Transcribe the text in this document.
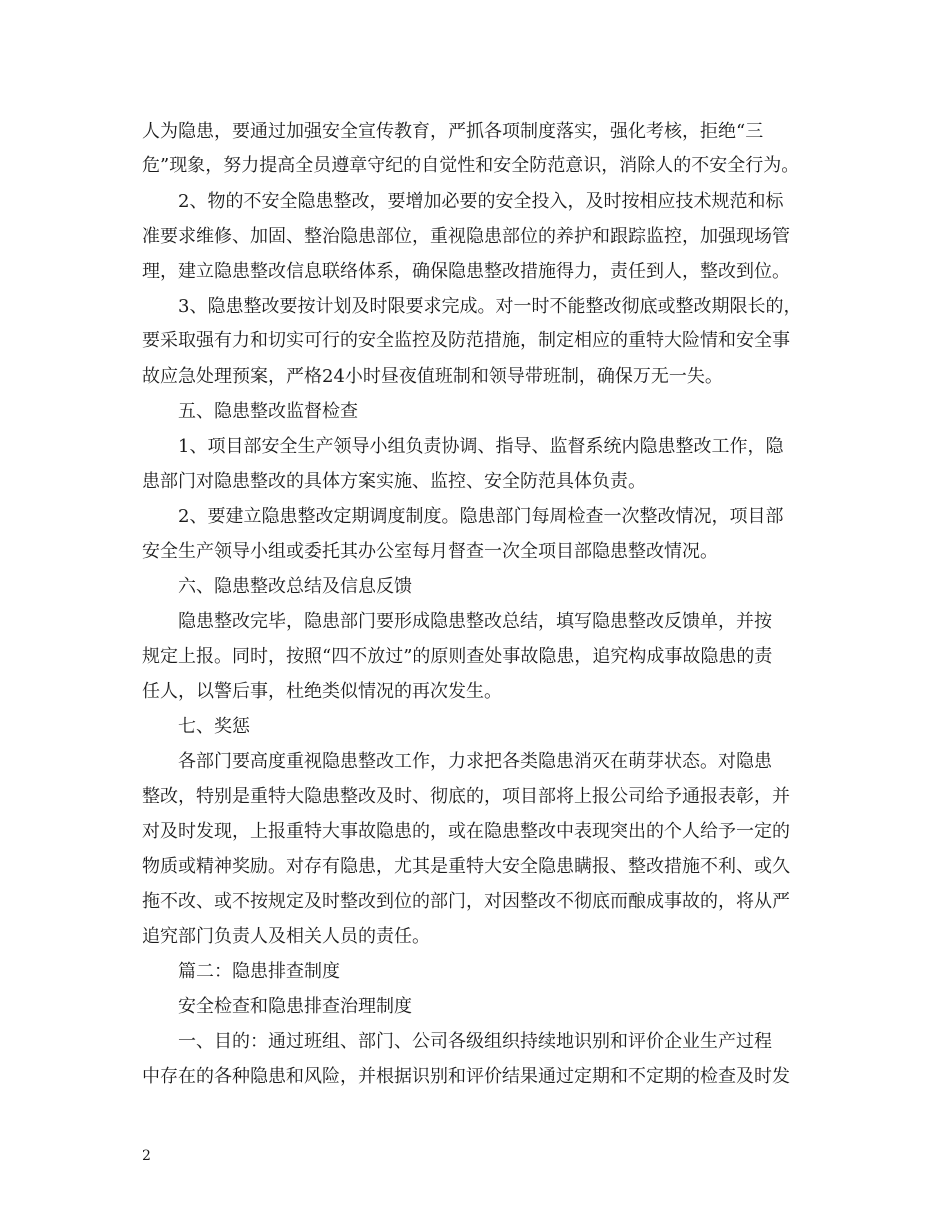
人为隐患，要通过加强安全宣传教育，严抓各项制度落实，强化考核，拒绝“三
危”现象，努力提高全员遵章守纪的自觉性和安全防范意识，消除人的不安全行为。
　　2、物的不安全隐患整改，要增加必要的安全投入，及时按相应技术规范和标
准要求维修、加固、整治隐患部位，重视隐患部位的养护和跟踪监控，加强现场管
理，建立隐患整改信息联络体系，确保隐患整改措施得力，责任到人，整改到位。
　　3、隐患整改要按计划及时限要求完成。对一时不能整改彻底或整改期限长的，
要采取强有力和切实可行的安全监控及防范措施，制定相应的重特大险情和安全事
故应急处理预案，严格24小时昼夜值班制和领导带班制，确保万无一失。
　　五、隐患整改监督检查
　　1、项目部安全生产领导小组负责协调、指导、监督系统内隐患整改工作，隐
患部门对隐患整改的具体方案实施、监控、安全防范具体负责。
　　2、要建立隐患整改定期调度制度。隐患部门每周检查一次整改情况，项目部
安全生产领导小组或委托其办公室每月督查一次全项目部隐患整改情况。
　　六、隐患整改总结及信息反馈
　　隐患整改完毕，隐患部门要形成隐患整改总结，填写隐患整改反馈单，并按
规定上报。同时，按照“四不放过”的原则查处事故隐患，追究构成事故隐患的责
任人，以警后事，杜绝类似情况的再次发生。
　　七、奖惩
　　各部门要高度重视隐患整改工作，力求把各类隐患消灭在萌芽状态。对隐患
整改，特别是重特大隐患整改及时、彻底的，项目部将上报公司给予通报表彰，并
对及时发现，上报重特大事故隐患的，或在隐患整改中表现突出的个人给予一定的
物质或精神奖励。对存有隐患，尤其是重特大安全隐患瞒报、整改措施不利、或久
拖不改、或不按规定及时整改到位的部门，对因整改不彻底而酿成事故的，将从严
追究部门负责人及相关人员的责任。
　　篇二：隐患排查制度
　　安全检查和隐患排查治理制度
　　一、目的：通过班组、部门、公司各级组织持续地识别和评价企业生产过程
中存在的各种隐患和风险，并根据识别和评价结果通过定期和不定期的检查及时发
2
